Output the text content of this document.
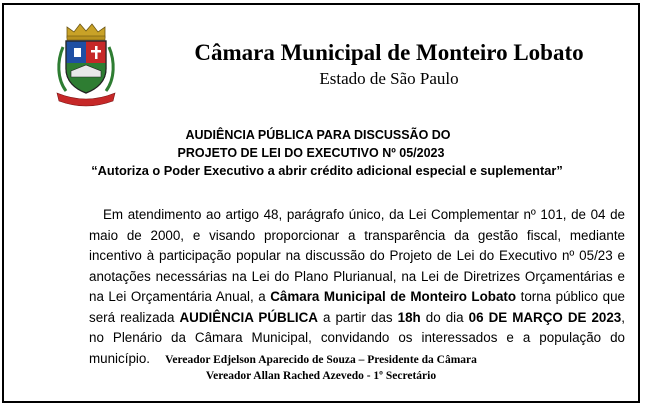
Câmara Municipal de Monteiro Lobato
Estado de São Paulo
AUDIÊNCIA PÚBLICA PARA DISCUSSÃO DO
PROJETO DE LEI DO EXECUTIVO Nº 05/2023
“Autoriza o Poder Executivo a abrir crédito adicional especial e suplementar”
Em atendimento ao artigo 48, parágrafo único, da Lei Complementar nº 101, de 04 de maio de 2000, e visando proporcionar a transparência da gestão fiscal, mediante incentivo à participação popular na discussão do Projeto de Lei do Executivo nº 05/23 e anotações necessárias na Lei do Plano Plurianual, na Lei de Diretrizes Orçamentárias e na Lei Orçamentária Anual, a Câmara Municipal de Monteiro Lobato torna público que será realizada AUDIÊNCIA PÚBLICA a partir das 18h do dia 06 DE MARÇO DE 2023, no Plenário da Câmara Municipal, convidando os interessados e a população do município.	Vereador Edjelson Aparecido de Souza – Presidente da Câmara
Vereador Allan Rached Azevedo - 1º Secretário
